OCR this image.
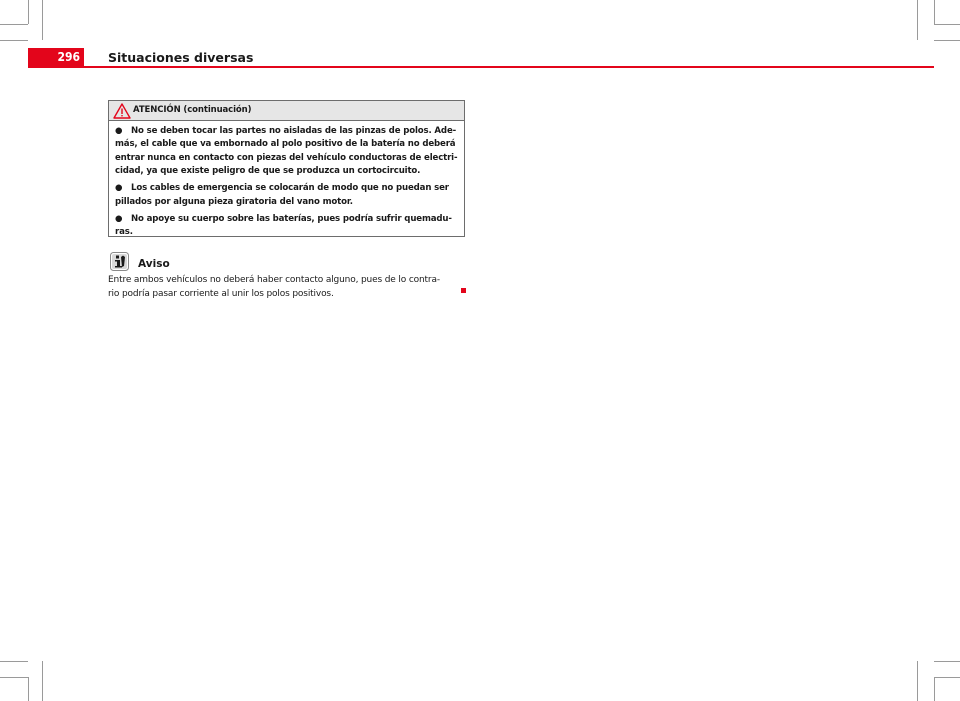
296	Situaciones diversas
ATENCIÓN (continuación)
● No se deben tocar las partes no aisladas de las pinzas de polos. Ade-
más, el cable que va embornado al polo positivo de la batería no deberá
entrar nunca en contacto con piezas del vehículo conductoras de electri-
cidad, ya que existe peligro de que se produzca un cortocircuito.
● Los cables de emergencia se colocarán de modo que no puedan ser
pillados por alguna pieza giratoria del vano motor.
● No apoye su cuerpo sobre las baterías, pues podría sufrir quemadu-
ras.
Aviso
Entre ambos vehículos no deberá haber contacto alguno, pues de lo contra-
rio podría pasar corriente al unir los polos positivos.
